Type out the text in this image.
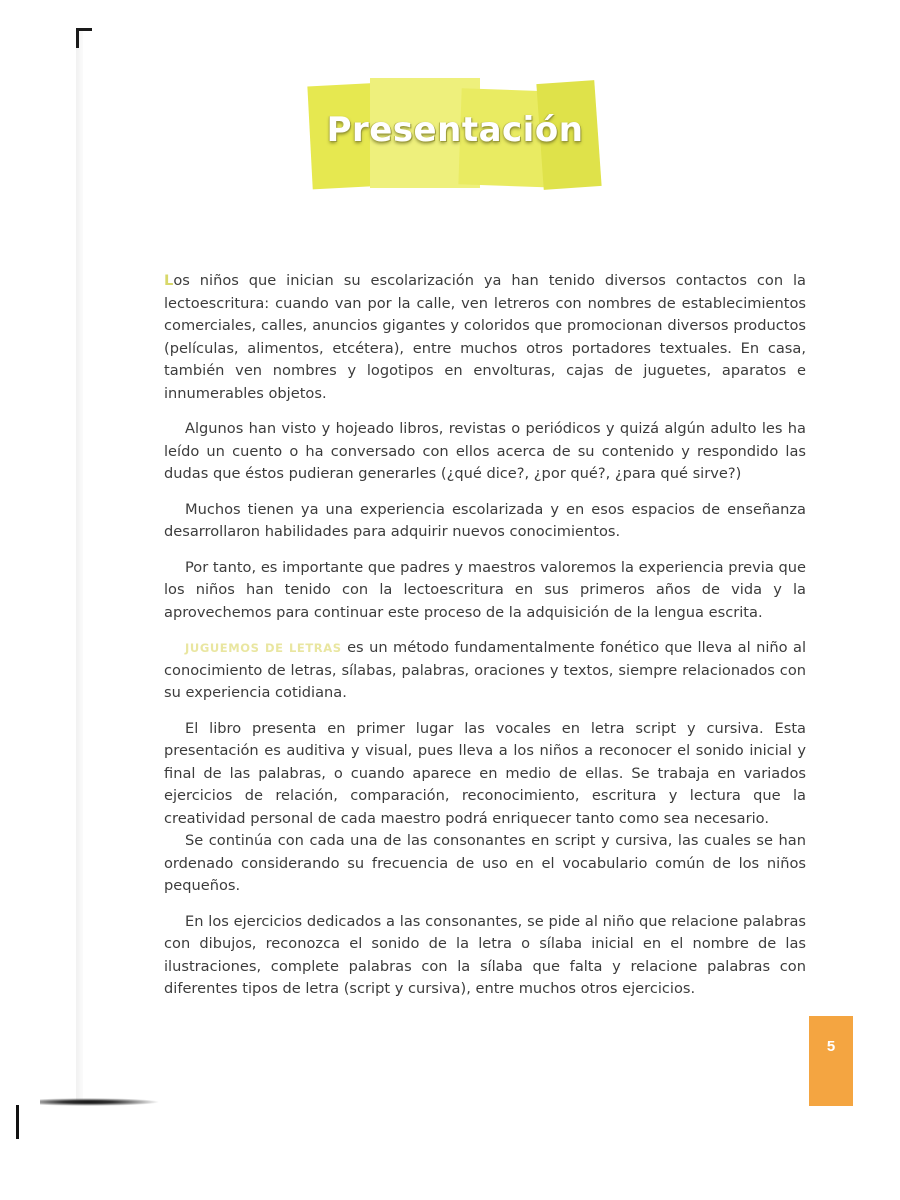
Presentación

Los niños que inician su escolarización ya han tenido diversos contactos con la lectoescritura: cuando van por la calle, ven letreros con nombres de establecimientos comerciales, calles, anuncios gigantes y coloridos que promocionan diversos productos (películas, alimentos, etcétera), entre muchos otros portadores textuales. En casa, también ven nombres y logotipos en envolturas, cajas de juguetes, aparatos e innumerables objetos.

Algunos han visto y hojeado libros, revistas o periódicos y quizá algún adulto les ha leído un cuento o ha conversado con ellos acerca de su contenido y respondido las dudas que éstos pudieran generarles (¿qué dice?, ¿por qué?, ¿para qué sirve?)

Muchos tienen ya una experiencia escolarizada y en esos espacios de enseñanza desarrollaron habilidades para adquirir nuevos conocimientos.

Por tanto, es importante que padres y maestros valoremos la experiencia previa que los niños han tenido con la lectoescritura en sus primeros años de vida y la aprovechemos para continuar este proceso de la adquisición de la lengua escrita.

JUGUEMOS DE LETRAS es un método fundamentalmente fonético que lleva al niño al conocimiento de letras, sílabas, palabras, oraciones y textos, siempre relacionados con su experiencia cotidiana.

El libro presenta en primer lugar las vocales en letra script y cursiva. Esta presentación es auditiva y visual, pues lleva a los niños a reconocer el sonido inicial y final de las palabras, o cuando aparece en medio de ellas. Se trabaja en variados ejercicios de relación, comparación, reconocimiento, escritura y lectura que la creatividad personal de cada maestro podrá enriquecer tanto como sea necesario.

Se continúa con cada una de las consonantes en script y cursiva, las cuales se han ordenado considerando su frecuencia de uso en el vocabulario común de los niños pequeños.

En los ejercicios dedicados a las consonantes, se pide al niño que relacione palabras con dibujos, reconozca el sonido de la letra o sílaba inicial en el nombre de las ilustraciones, complete palabras con la sílaba que falta y relacione palabras con diferentes tipos de letra (script y cursiva), entre muchos otros ejercicios.

5
